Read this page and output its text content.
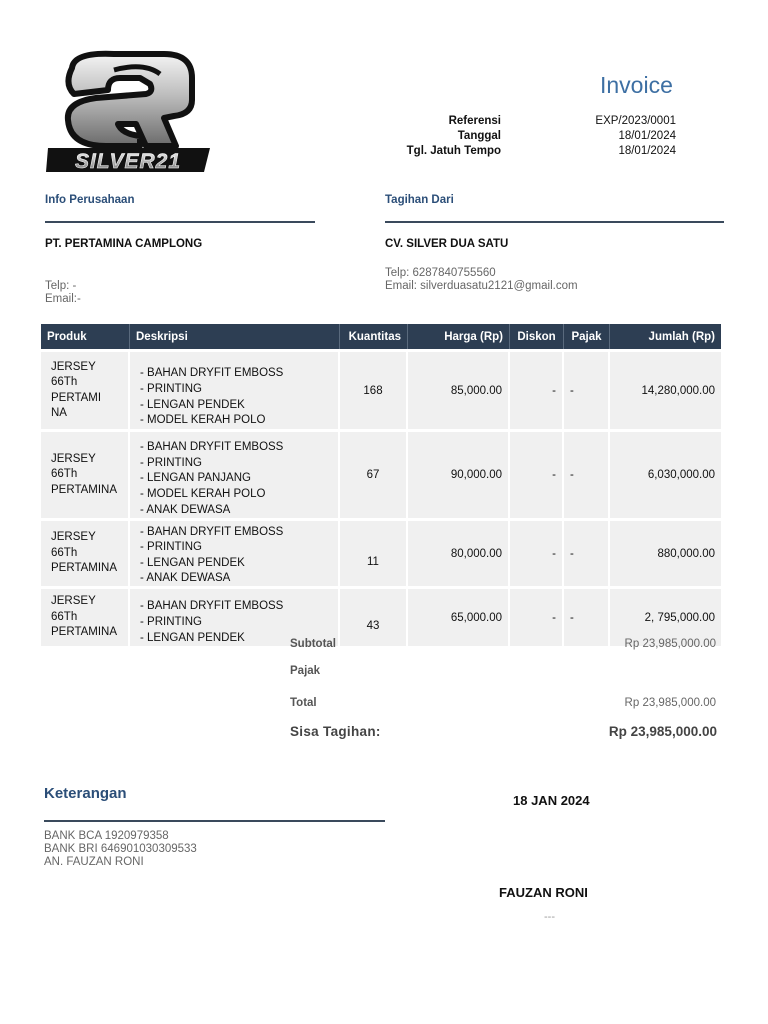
SILVER21
Invoice
Referensi	EXP/2023/0001
Tanggal	18/01/2024
Tgl. Jatuh Tempo	18/01/2024
Info Perusahaan
PT. PERTAMINA CAMPLONG
Telp: -
Email:-
Tagihan Dari
CV. SILVER DUA SATU
Telp: 6287840755560
Email: silverduasatu2121@gmail.com
Produk	Deskripsi	Kuantitas	Harga (Rp)	Diskon	Pajak	Jumlah (Rp)

JERSEY
66Th
PERTAMI
NA	- BAHAN DRYFIT EMBOSS
- PRINTING
- LENGAN PENDEK
- MODEL KERAH POLO	168	85,000.00	-	-	14,280,000.00

JERSEY
66Th
PERTAMINA	- BAHAN DRYFIT EMBOSS
- PRINTING
- LENGAN PANJANG
- MODEL KERAH POLO
- ANAK DEWASA	67	90,000.00	-	-	6,030,000.00

JERSEY
66Th
PERTAMINA	- BAHAN DRYFIT EMBOSS
- PRINTING
- LENGAN PENDEK
- ANAK DEWASA	11	80,000.00	-	-	880,000.00

JERSEY
66Th
PERTAMINA	- BAHAN DRYFIT EMBOSS
- PRINTING
- LENGAN PENDEK	43	65,000.00	-	-	2, 795,000.00
Subtotal	Rp 23,985,000.00
Pajak
Total	Rp 23,985,000.00
Sisa Tagihan:	Rp 23,985,000.00
Keterangan
BANK BCA 1920979358
BANK BRI 646901030309533
AN. FAUZAN RONI
18 JAN 2024
FAUZAN RONI
---
